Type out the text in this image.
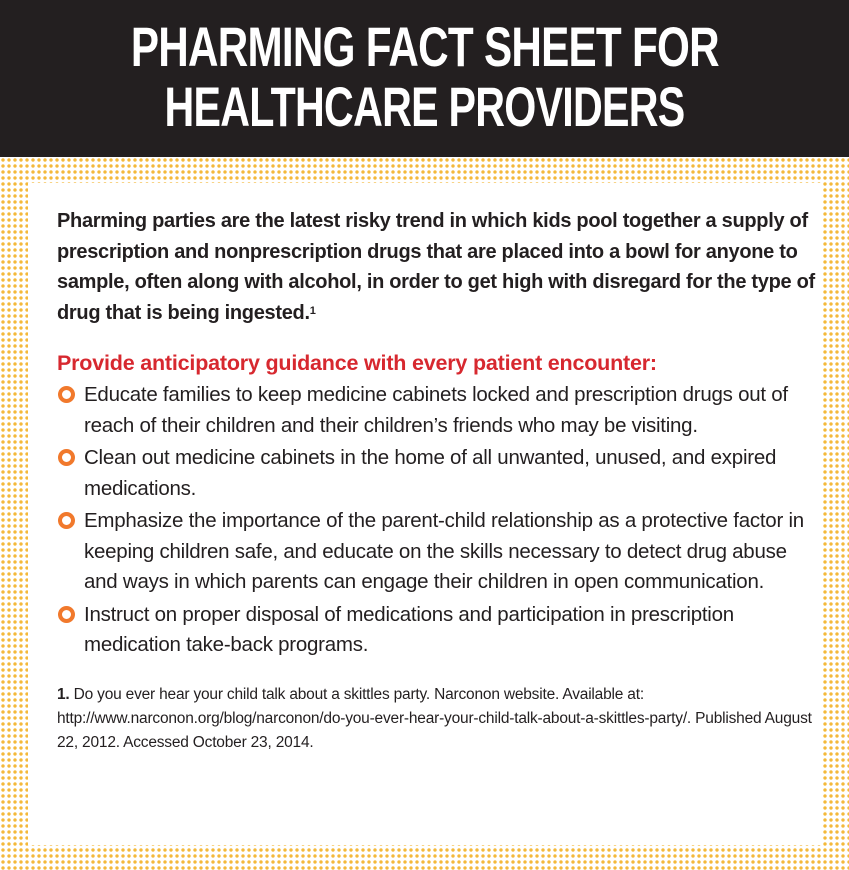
PHARMING FACT SHEET FOR
HEALTHCARE PROVIDERS

Pharming parties are the latest risky trend in which kids pool together a supply of prescription and nonprescription drugs that are placed into a bowl for anyone to sample, often along with alcohol, in order to get high with disregard for the type of drug that is being ingested.$^1$

Provide anticipatory guidance with every patient encounter:
Educate families to keep medicine cabinets locked and prescription drugs out of reach of their children and their children’s friends who may be visiting.
Clean out medicine cabinets in the home of all unwanted, unused, and expired medications.
Emphasize the importance of the parent-child relationship as a protective factor in keeping children safe, and educate on the skills necessary to detect drug abuse and ways in which parents can engage their children in open communication.
Instruct on proper disposal of medications and participation in prescription medication take-back programs.
1. Do you ever hear your child talk about a skittles party. Narconon website. Available at: http://www.narconon.org/blog/narconon/do-you-ever-hear-your-child-talk-about-a-skittles-party/. Published August 22, 2012. Accessed October 23, 2014.
